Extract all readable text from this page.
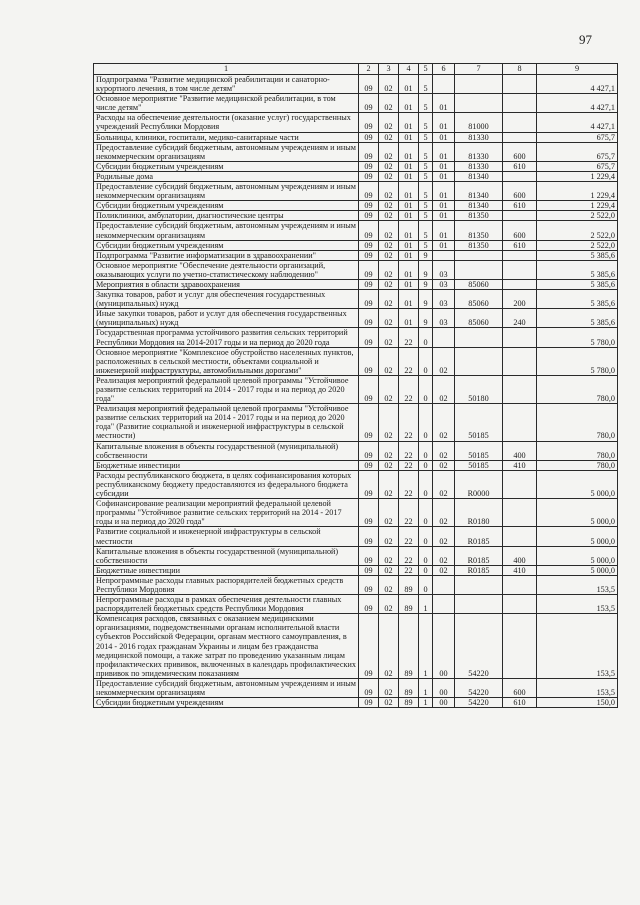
97
1	2	3	4	5	6	7	8	9
Подпрограмма "Развитие медицинской реабилитации и санаторно-курортного лечения, в том числе детям"	09	02	01	5				4 427,1
Основное мероприятие "Развитие медицинской реабилитации, в том числе детям"	09	02	01	5	01			4 427,1
Расходы на обеспечение деятельности (оказание услуг) государственных учреждений Республики Мордовия	09	02	01	5	01	81000		4 427,1
Больницы, клиники, госпитали, медико-санитарные части	09	02	01	5	01	81330		675,7
Предоставление субсидий бюджетным, автономным учреждениям и иным некоммерческим организациям	09	02	01	5	01	81330	600	675,7
Субсидии бюджетным учреждениям	09	02	01	5	01	81330	610	675,7
Родильные дома	09	02	01	5	01	81340		1 229,4
Предоставление субсидий бюджетным, автономным учреждениям и иным некоммерческим организациям	09	02	01	5	01	81340	600	1 229,4
Субсидии бюджетным учреждениям	09	02	01	5	01	81340	610	1 229,4
Поликлиники, амбулатории, диагностические центры	09	02	01	5	01	81350		2 522,0
Предоставление субсидий бюджетным, автономным учреждениям и иным некоммерческим организациям	09	02	01	5	01	81350	600	2 522,0
Субсидии бюджетным учреждениям	09	02	01	5	01	81350	610	2 522,0
Подпрограмма "Развитие информатизации в здравоохранении"	09	02	01	9				5 385,6
Основное мероприятие "Обеспечение деятельности организаций, оказывающих услуги по учетно-статистическому наблюдению"	09	02	01	9	03			5 385,6
Мероприятия в области здравоохранения	09	02	01	9	03	85060		5 385,6
Закупка товаров, работ и услуг для обеспечения государственных (муниципальных) нужд	09	02	01	9	03	85060	200	5 385,6
Иные закупки товаров, работ и услуг для обеспечения государственных (муниципальных) нужд	09	02	01	9	03	85060	240	5 385,6
Государственная программа устойчивого развития сельских территорий Республики Мордовия на 2014-2017 годы и на период до 2020 года	09	02	22	0				5 780,0
Основное мероприятие "Комплексное обустройство населенных пунктов, расположенных в сельской местности, объектами социальной и инженерной инфраструктуры, автомобильными дорогами"	09	02	22	0	02			5 780,0
Реализация мероприятий федеральной целевой программы "Устойчивое развитие сельских территорий на 2014 - 2017 годы и на период до 2020 года"	09	02	22	0	02	50180		780,0
Реализация мероприятий федеральной целевой программы "Устойчивое развитие сельских территорий на 2014 - 2017 годы и на период до 2020 года" (Развитие социальной и инженерной инфраструктуры в сельской местности)	09	02	22	0	02	50185		780,0
Капитальные вложения в объекты государственной (муниципальной) собственности	09	02	22	0	02	50185	400	780,0
Бюджетные инвестиции	09	02	22	0	02	50185	410	780,0
Расходы республиканского бюджета, в целях софинансирования которых республиканскому бюджету предоставляются из федерального бюджета субсидии	09	02	22	0	02	R0000		5 000,0
Софинансирование реализации мероприятий федеральной целевой программы "Устойчивое развитие сельских территорий на 2014 - 2017 годы и на период до 2020 года"	09	02	22	0	02	R0180		5 000,0
Развитие социальной и инженерной инфраструктуры в сельской местности	09	02	22	0	02	R0185		5 000,0
Капитальные вложения в объекты государственной (муниципальной) собственности	09	02	22	0	02	R0185	400	5 000,0
Бюджетные инвестиции	09	02	22	0	02	R0185	410	5 000,0
Непрограммные расходы главных распорядителей бюджетных средств Республики Мордовия	09	02	89	0				153,5
Непрограммные расходы в рамках обеспечения деятельности главных распорядителей бюджетных средств Республики Мордовия	09	02	89	1				153,5
Компенсация расходов, связанных с оказанием медицинскими организациями, подведомственными органам исполнительной власти субъектов Российской Федерации, органам местного самоуправления, в 2014 - 2016 годах гражданам Украины и лицам без гражданства медицинской помощи, а также затрат по проведению указанным лицам профилактических прививок, включенных в календарь профилактических прививок по эпидемическим показаниям	09	02	89	1	00	54220		153,5
Предоставление субсидий бюджетным, автономным учреждениям и иным некоммерческим организациям	09	02	89	1	00	54220	600	153,5
Субсидии бюджетным учреждениям	09	02	89	1	00	54220	610	150,0
